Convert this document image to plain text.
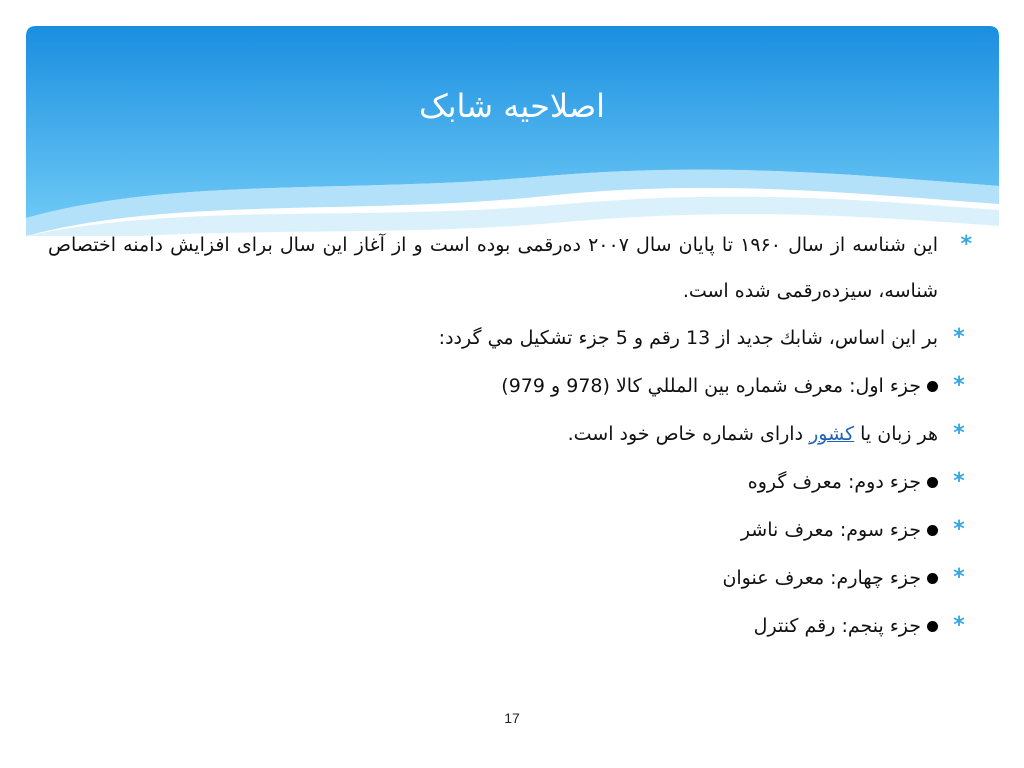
اصلاحیه شابک
*
این شناسه از سال ۱۹۶۰ تا پایان سال ۲۰۰۷ ده‌رقمی بوده است و از آغاز این سال برای افزایش دامنه اختصاص شناسه، سیزده‌رقمی شده است.
*
بر اين اساس، شابك جديد از 13 رقم و 5 جزء تشكيل مي گردد:
*
جزء اول: معرف شماره بین المللي كالا (978 و 979)
*
هر زبان یا کشور دارای شماره خاص خود است.
*
جزء دوم: معرف گروه
*
جزء سوم: معرف ناشر
*
جزء چهارم: معرف عنوان
*
جزء پنجم: رقم كنترل
17
